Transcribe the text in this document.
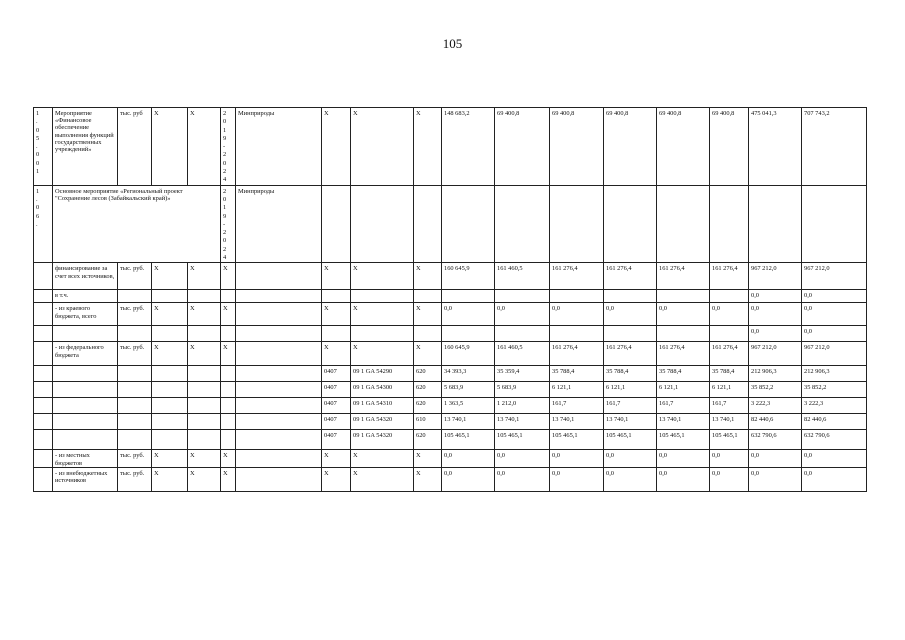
105
1.05.001	Мероприятие «Финансовое обеспечение выполнения функций государственных учреждений»	тыс. руб	Х	Х	2019-2024	Минприроды	Х	Х	Х	148 683,2	69 400,8	69 400,8	69 400,8	69 400,8	69 400,8	475 041,3	707 743,2

1.06.	Основное мероприятие «Региональный проект "Сохранение лесов (Забайкальский край)»				2019-2024	Минприроды											
	финансирование за счет всех источников,	тыс. руб.	Х	Х	Х		Х	Х	Х	160 645,9	161 460,5	161 276,4	161 276,4	161 276,4	161 276,4	967 212,0	967 212,0
	в т.ч.															0,0	0,0
	- из краевого бюджета, всего	тыс. руб.	Х	Х	Х		Х	Х	Х	0,0	0,0	0,0	0,0	0,0	0,0	0,0	0,0
																0,0	0,0
	- из федерального бюджета	тыс. руб.	Х	Х	Х		Х	Х	Х	160 645,9	161 460,5	161 276,4	161 276,4	161 276,4	161 276,4	967 212,0	967 212,0
							0407	09 1 GA 54290	620	34 393,3	35 359,4	35 788,4	35 788,4	35 788,4	35 788,4	212 906,3	212 906,3
							0407	09 1 GA 54300	620	5 683,9	5 683,9	6 121,1	6 121,1	6 121,1	6 121,1	35 852,2	35 852,2
							0407	09 1 GA 54310	620	1 363,5	1 212,0	161,7	161,7	161,7	161,7	3 222,3	3 222,3
							0407	09 1 GA 54320	610	13 740,1	13 740,1	13 740,1	13 740,1	13 740,1	13 740,1	82 440,6	82 440,6
							0407	09 1 GA 54320	620	105 465,1	105 465,1	105 465,1	105 465,1	105 465,1	105 465,1	632 790,6	632 790,6
	- из местных бюджетов	тыс. руб.	Х	Х	Х		Х	Х	Х	0,0	0,0	0,0	0,0	0,0	0,0	0,0	0,0
	- из внебюджетных источников	тыс. руб.	Х	Х	Х		Х	Х	Х	0,0	0,0	0,0	0,0	0,0	0,0	0,0	0,0
